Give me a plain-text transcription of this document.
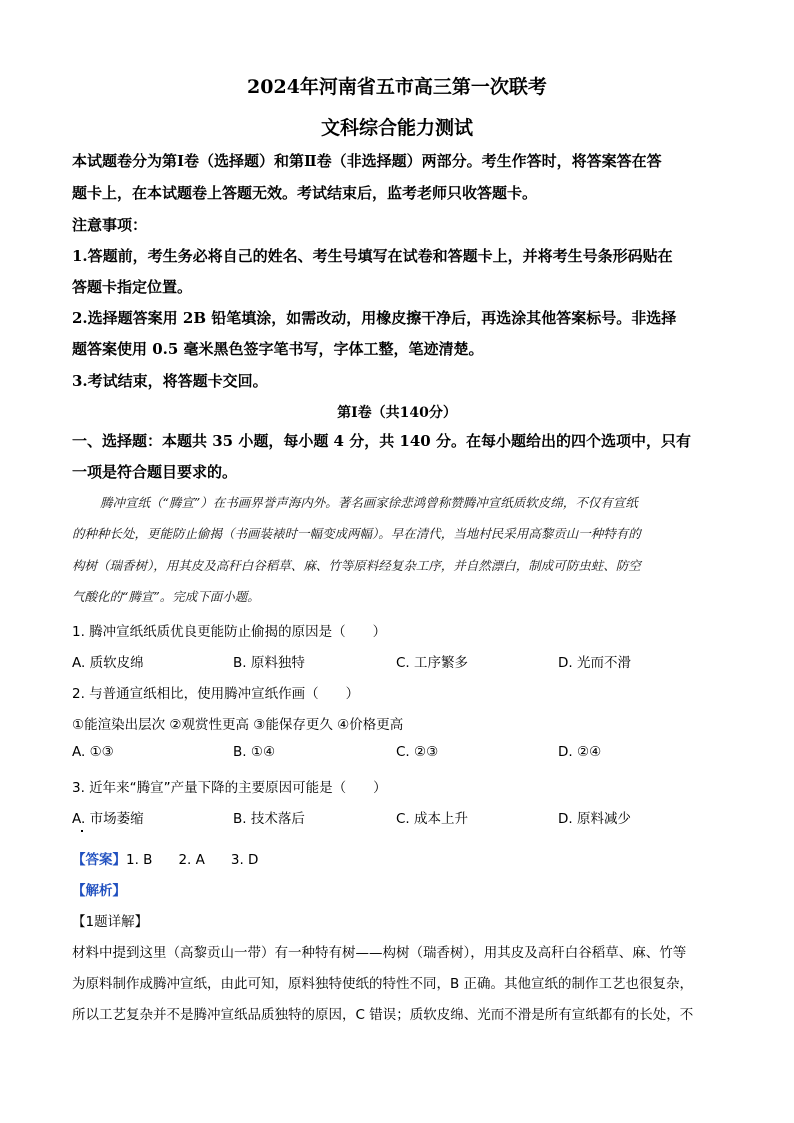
2024年河南省五市高三第一次联考
文科综合能力测试
本试题卷分为第Ⅰ卷（选择题）和第Ⅱ卷（非选择题）两部分。考生作答时，将答案答在答
题卡上，在本试题卷上答题无效。考试结束后，监考老师只收答题卡。
注意事项：
1.答题前，考生务必将自己的姓名、考生号填写在试卷和答题卡上，并将考生号条形码贴在
答题卡指定位置。
2.选择题答案用 2B 铅笔填涂，如需改动，用橡皮擦干净后，再选涂其他答案标号。非选择
题答案使用 0.5 毫米黑色签字笔书写，字体工整，笔迹清楚。
3.考试结束，将答题卡交回。
第Ⅰ卷（共140分）
一、选择题：本题共 35 小题，每小题 4 分，共 140 分。在每小题给出的四个选项中，只有
一项是符合题目要求的。
腾冲宣纸（“腾宣”）在书画界誉声海内外。著名画家徐悲鸿曾称赞腾冲宣纸质软皮绵，不仅有宣纸
的种种长处，更能防止偷揭（书画装裱时一幅变成两幅）。早在清代，当地村民采用高黎贡山一种特有的
构树（瑞香树），用其皮及高秆白谷稻草、麻、竹等原料经复杂工序，并自然漂白，制成可防虫蛀、防空
气酸化的“腾宣”。完成下面小题。
1. 腾冲宣纸纸质优良更能防止偷揭的原因是（　　）
A. 质软皮绵	B. 原料独特	C. 工序繁多	D. 光而不滑
2. 与普通宣纸相比，使用腾冲宣纸作画（　　）
①能渲染出层次 ②观赏性更高 ③能保存更久 ④价格更高
A. ①③	B. ①④	C. ②③	D. ②④
3. 近年来“腾宣”产量下降的主要原因可能是（　　）
A. 市场萎缩	B. 技术落后	C. 成本上升	D. 原料减少
【答案】1. B 2. A 3. D
【解析】
【1题详解】
材料中提到这里（高黎贡山一带）有一种特有树——构树（瑞香树），用其皮及高秆白谷稻草、麻、竹等
为原料制作成腾冲宣纸，由此可知，原料独特使纸的特性不同，B 正确。其他宣纸的制作工艺也很复杂，
所以工艺复杂并不是腾冲宣纸品质独特的原因，C 错误；质软皮绵、光而不滑是所有宣纸都有的长处，不
